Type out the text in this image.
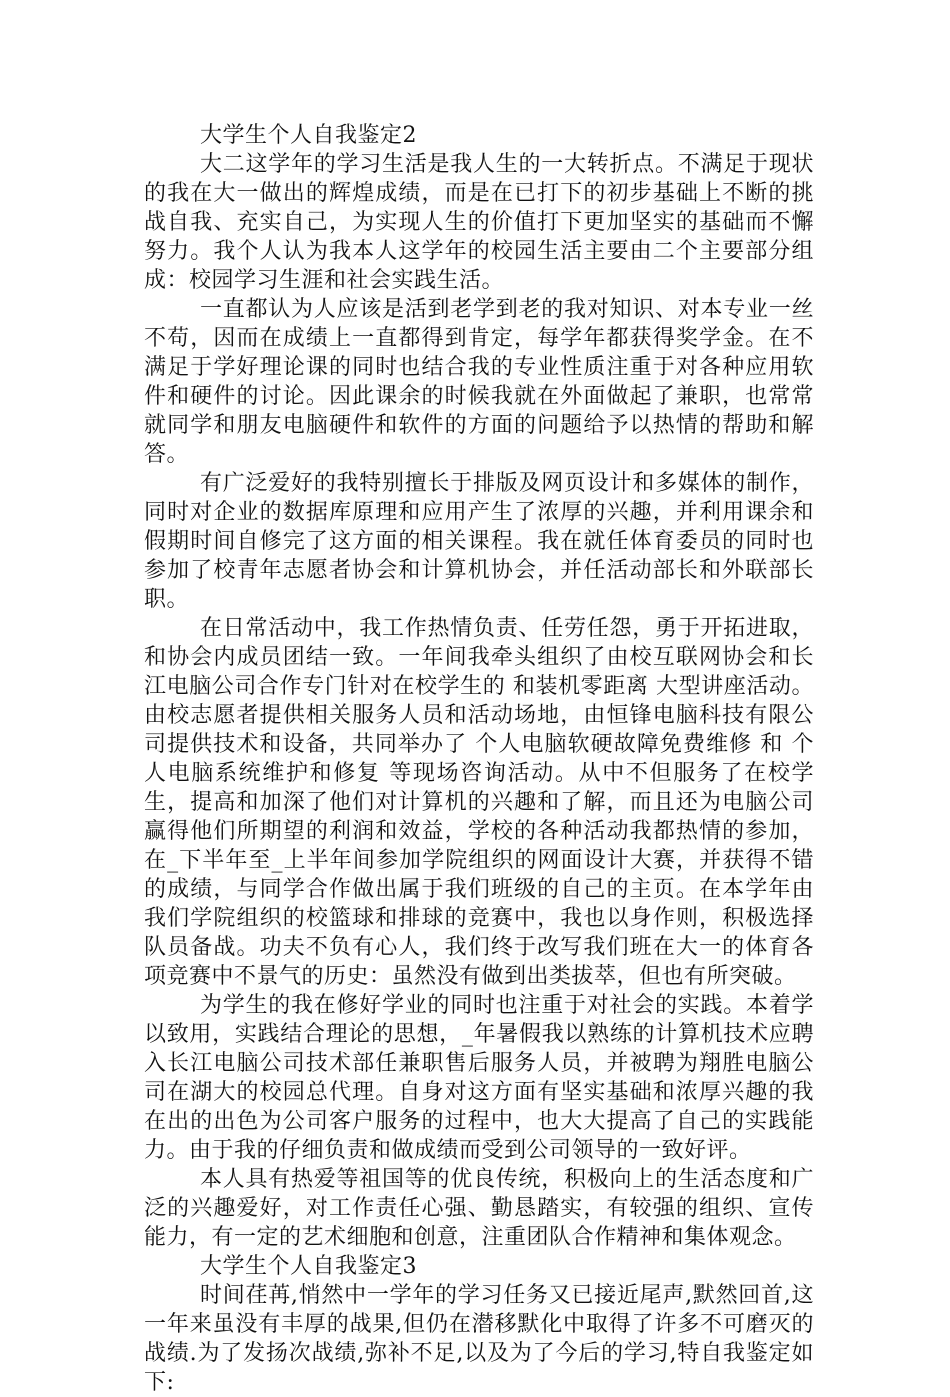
大学生个人自我鉴定2

大二这学年的学习生活是我人生的一大转折点。不满足于现状的我在大一做出的辉煌成绩，而是在已打下的初步基础上不断的挑战自我、充实自己，为实现人生的价值打下更加坚实的基础而不懈努力。我个人认为我本人这学年的校园生活主要由二个主要部分组成：校园学习生涯和社会实践生活。

一直都认为人应该是活到老学到老的我对知识、对本专业一丝不苟，因而在成绩上一直都得到肯定，每学年都获得奖学金。在不满足于学好理论课的同时也结合我的专业性质注重于对各种应用软件和硬件的讨论。因此课余的时候我就在外面做起了兼职，也常常就同学和朋友电脑硬件和软件的方面的问题给予以热情的帮助和解答。

有广泛爱好的我特别擅长于排版及网页设计和多媒体的制作，同时对企业的数据库原理和应用产生了浓厚的兴趣，并利用课余和假期时间自修完了这方面的相关课程。我在就任体育委员的同时也参加了校青年志愿者协会和计算机协会，并任活动部长和外联部长职。

在日常活动中，我工作热情负责、任劳任怨，勇于开拓进取，和协会内成员团结一致。一年间我牵头组织了由校互联网协会和长江电脑公司合作专门针对在校学生的 和装机零距离 大型讲座活动。由校志愿者提供相关服务人员和活动场地，由恒锋电脑科技有限公司提供技术和设备，共同举办了 个人电脑软硬故障免费维修 和 个人电脑系统维护和修复 等现场咨询活动。从中不但服务了在校学生，提高和加深了他们对计算机的兴趣和了解，而且还为电脑公司赢得他们所期望的利润和效益，学校的各种活动我都热情的参加，在_下半年至_上半年间参加学院组织的网面设计大赛，并获得不错的成绩，与同学合作做出属于我们班级的自己的主页。在本学年由我们学院组织的校篮球和排球的竞赛中，我也以身作则，积极选择队员备战。功夫不负有心人，我们终于改写我们班在大一的体育各项竞赛中不景气的历史：虽然没有做到出类拔萃，但也有所突破。

为学生的我在修好学业的同时也注重于对社会的实践。本着学以致用，实践结合理论的思想，_年暑假我以熟练的计算机技术应聘入长江电脑公司技术部任兼职售后服务人员，并被聘为翔胜电脑公司在湖大的校园总代理。自身对这方面有坚实基础和浓厚兴趣的我在出的出色为公司客户服务的过程中，也大大提高了自己的实践能力。由于我的仔细负责和做成绩而受到公司领导的一致好评。

本人具有热爱等祖国等的优良传统，积极向上的生活态度和广泛的兴趣爱好，对工作责任心强、勤恳踏实，有较强的组织、宣传能力，有一定的艺术细胞和创意，注重团队合作精神和集体观念。

大学生个人自我鉴定3

时间荏苒,悄然中一学年的学习任务又已接近尾声,默然回首,这一年来虽没有丰厚的战果,但仍在潜移默化中取得了许多不可磨灭的战绩.为了发扬次战绩,弥补不足,以及为了今后的学习,特自我鉴定如下:
